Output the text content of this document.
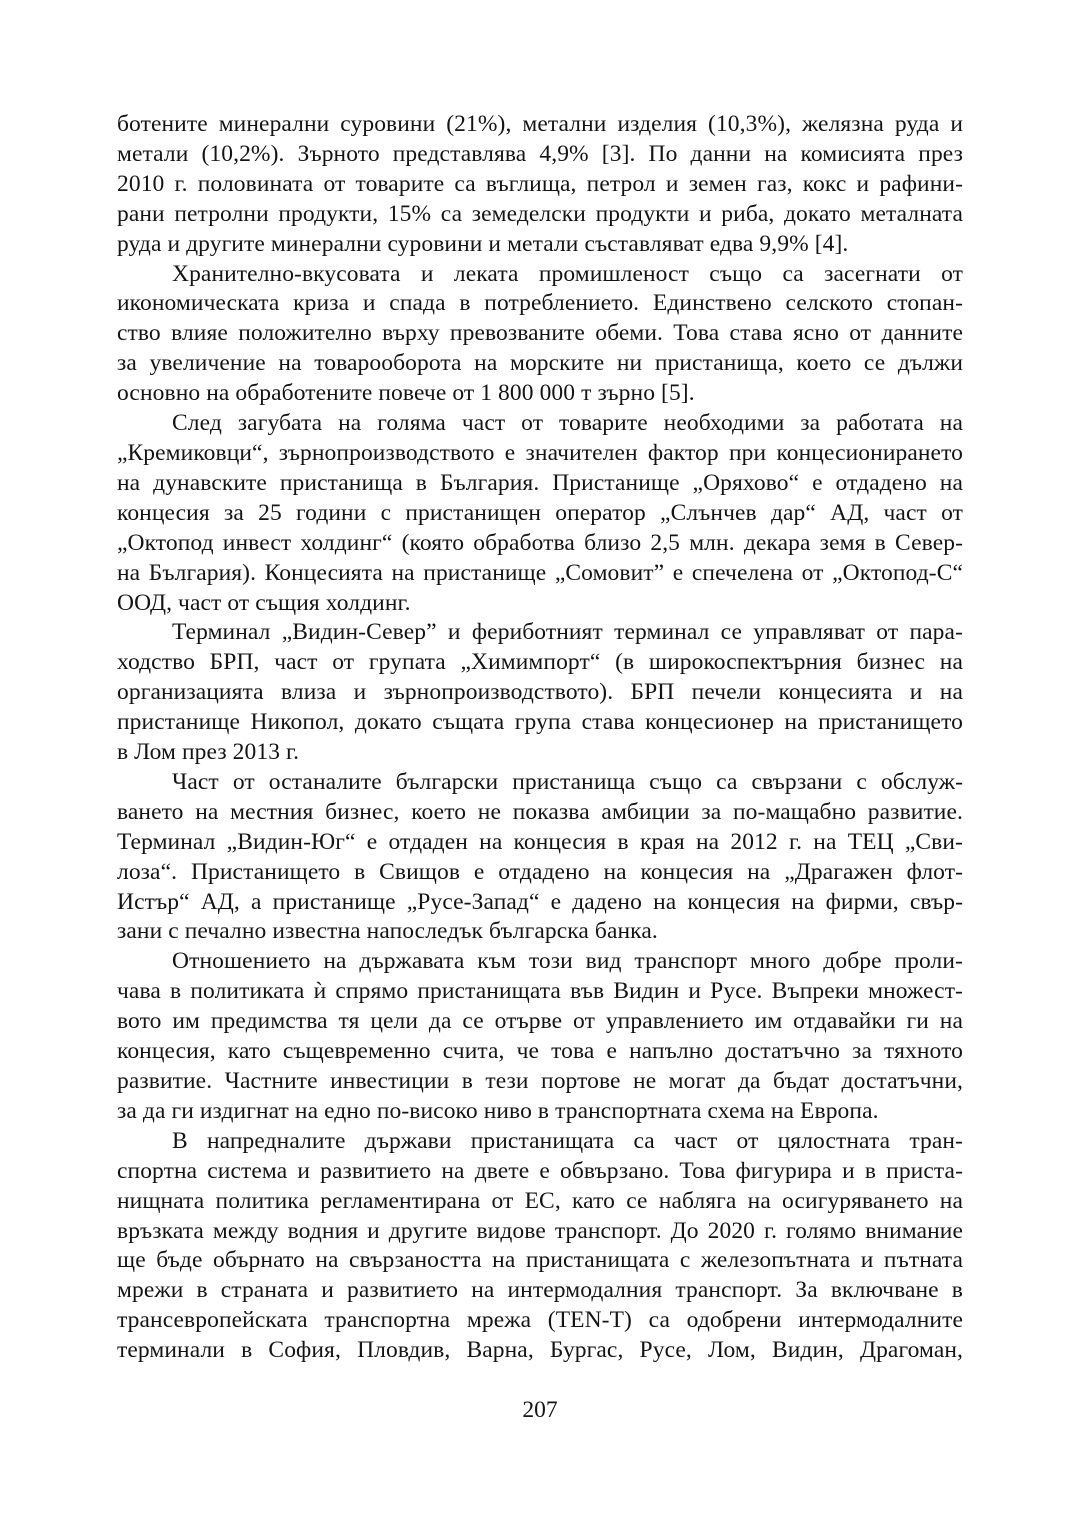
ботените минерални суровини (21%), метални изделия (10,3%), желязна руда и
метали (10,2%). Зърното представлява 4,9% [3]. По данни на комисията през
2010 г. половината от товарите са въглища, петрол и земен газ, кокс и рафини-
рани петролни продукти, 15% са земеделски продукти и риба, докато металната
руда и другите минерални суровини и метали съставляват едва 9,9% [4].
Хранително-вкусовата и леката промишленост също са засегнати от
икономическата криза и спада в потреблението. Единствено селското стопан-
ство влияе положително върху превозваните обеми. Това става ясно от данните
за увеличение на товарооборота на морските ни пристанища, което се дължи
основно на обработените повече от 1 800 000 т зърно [5].
След загубата на голяма част от товарите необходими за работата на
„Кремиковци“, зърнопроизводството е значителен фактор при концесионирането
на дунавските пристанища в България. Пристанище „Оряхово“ е отдадено на
концесия за 25 години с пристанищен оператор „Слънчев дар“ АД, част от
„Октопод инвест холдинг“ (която обработва близо 2,5 млн. декара земя в Север-
на България). Концесията на пристанище „Сомовит” е спечелена от „Октопод-С“
ООД, част от същия холдинг.
Терминал „Видин-Север” и фериботният терминал се управляват от пара-
ходство БРП, част от групата „Химимпорт“ (в широкоспектърния бизнес на
организацията влиза и зърнопроизводството). БРП печели концесията и на
пристанище Никопол, докато същата група става концесионер на пристанището
в Лом през 2013 г.
Част от останалите български пристанища също са свързани с обслуж-
ването на местния бизнес, което не показва амбиции за по-мащабно развитие.
Терминал „Видин-Юг“ е отдаден на концесия в края на 2012 г. на ТЕЦ „Сви-
лоза“. Пристанището в Свищов е отдадено на концесия на „Драгажен флот-
Истър“ АД, а пристанище „Русе-Запад“ е дадено на концесия на фирми, свър-
зани с печално известна напоследък българска банка.
Отношението на държавата към този вид транспорт много добре проли-
чава в политиката ѝ спрямо пристанищата във Видин и Русе. Въпреки множест-
вото им предимства тя цели да се отърве от управлението им отдавайки ги на
концесия, като същевременно счита, че това е напълно достатъчно за тяхното
развитие. Частните инвестиции в тези портове не могат да бъдат достатъчни,
за да ги издигнат на едно по-високо ниво в транспортната схема на Европа.
В напредналите държави пристанищата са част от цялостната тран-
спортна система и развитието на двете е обвързано. Това фигурира и в приста-
нищната политика регламентирана от ЕС, като се набляга на осигуряването на
връзката между водния и другите видове транспорт. До 2020 г. голямо внимание
ще бъде обърнато на свързаността на пристанищата с железопътната и пътната
мрежи в страната и развитието на интермодалния транспорт. За включване в
трансевропейската транспортна мрежа (TEN-T) са одобрени интермодалните
терминали в София, Пловдив, Варна, Бургас, Русе, Лом, Видин, Драгоман,
207
